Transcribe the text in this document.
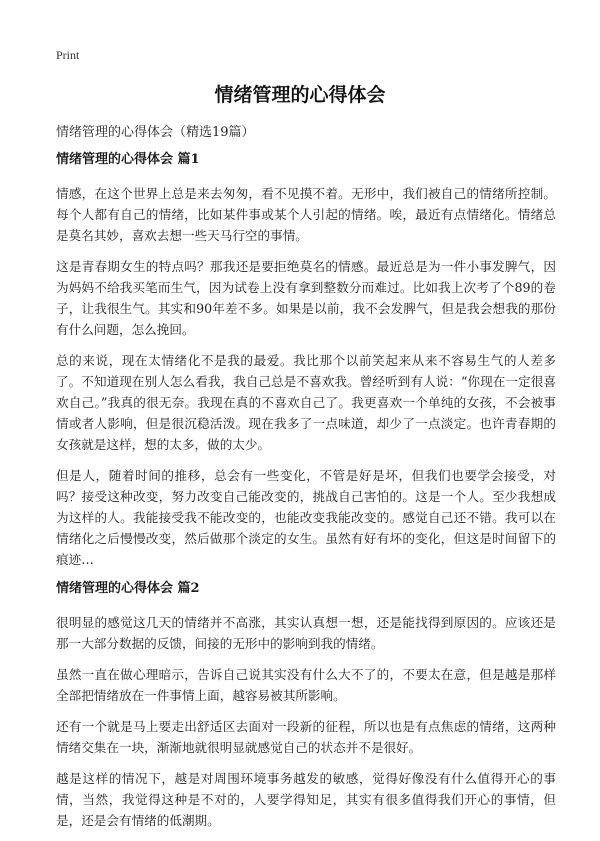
Print
情绪管理的心得体会
情绪管理的心得体会（精选19篇）
情绪管理的心得体会 篇1

情感，在这个世界上总是来去匆匆，看不见摸不着。无形中，我们被自己的情绪所控制。每个人都有自己的情绪，比如某件事或某个人引起的情绪。唉，最近有点情绪化。情绪总是莫名其妙，喜欢去想一些天马行空的事情。

这是青春期女生的特点吗？那我还是要拒绝莫名的情感。最近总是为一件小事发脾气，因为妈妈不给我买笔而生气，因为试卷上没有拿到整数分而难过。比如我上次考了个89的卷子，让我很生气。其实和90年差不多。如果是以前，我不会发脾气，但是我会想我的那份有什么问题，怎么挽回。

总的来说，现在太情绪化不是我的最爱。我比那个以前笑起来从来不容易生气的人差多了。不知道现在别人怎么看我，我自己总是不喜欢我。曾经听到有人说：“你现在一定很喜欢自己。”我真的很无奈。我现在真的不喜欢自己了。我更喜欢一个单纯的女孩，不会被事情或者人影响，但是很沉稳活泼。现在我多了一点味道，却少了一点淡定。也许青春期的女孩就是这样，想的太多，做的太少。

但是人，随着时间的推移，总会有一些变化，不管是好是坏，但我们也要学会接受，对吗？接受这种改变，努力改变自己能改变的，挑战自己害怕的。这是一个人。至少我想成为这样的人。我能接受我不能改变的，也能改变我能改变的。感觉自己还不错。我可以在情绪化之后慢慢改变，然后做那个淡定的女生。虽然有好有坏的变化，但这是时间留下的痕迹…

情绪管理的心得体会 篇2

很明显的感觉这几天的情绪并不高涨，其实认真想一想，还是能找得到原因的。应该还是那一大部分数据的反馈，间接的无形中的影响到我的情绪。

虽然一直在做心理暗示，告诉自己说其实没有什么大不了的，不要太在意，但是越是那样全部把情绪放在一件事情上面，越容易被其所影响。

还有一个就是马上要走出舒适区去面对一段新的征程，所以也是有点焦虑的情绪，这两种情绪交集在一块，渐渐地就很明显就感觉自己的状态并不是很好。

越是这样的情况下，越是对周围环境事务越发的敏感，觉得好像没有什么值得开心的事情，当然，我觉得这种是不对的，人要学得知足，其实有很多值得我们开心的事情，但是，还是会有情绪的低潮期。
